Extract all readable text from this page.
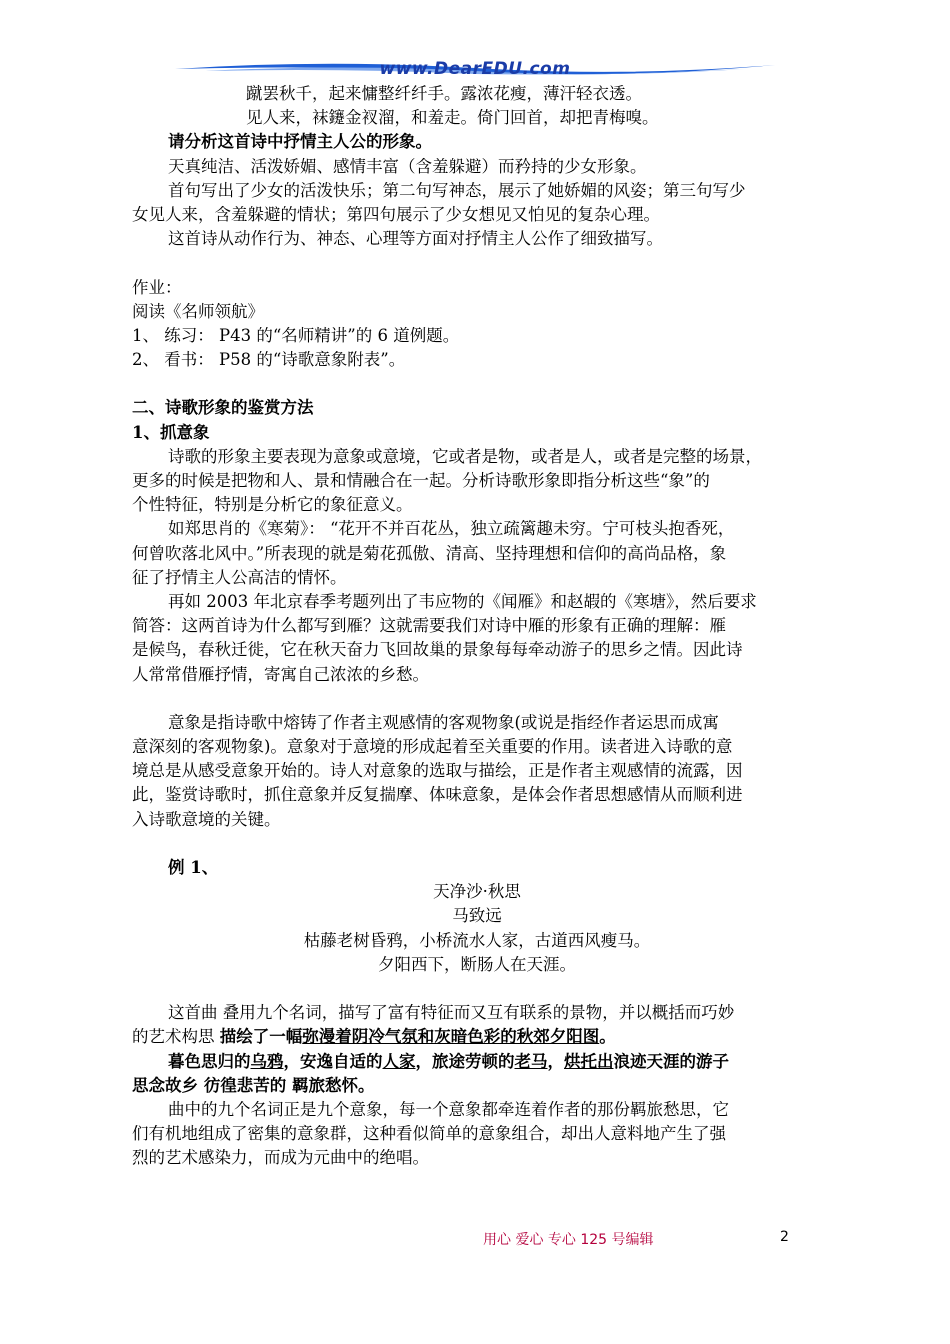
www.DearEDU.com
蹴罢秋千，起来慵整纤纤手。露浓花瘦，薄汗轻衣透。
见人来，袜鑳金衩溜，和羞走。倚门回首，却把青梅嗅。
请分析这首诗中抒情主人公的形象。
天真纯洁、活泼娇媚、感情丰富（含羞躲避）而矜持的少女形象。
首句写出了少女的活泼快乐；第二句写神态，展示了她娇媚的风姿；第三句写少
女见人来，含羞躲避的情状；第四句展示了少女想见又怕见的复杂心理。
这首诗从动作行为、神态、心理等方面对抒情主人公作了细致描写。
作业：
阅读《名师领航》
1、 练习： P43 的“名师精讲”的 6 道例题。
2、 看书： P58 的“诗歌意象附表”。
二、诗歌形象的鉴赏方法
1、抓意象
诗歌的形象主要表现为意象或意境，它或者是物，或者是人，或者是完整的场景，
更多的时候是把物和人、景和情融合在一起。分析诗歌形象即指分析这些“象”的
个性特征，特别是分析它的象征意义。
如郑思肖的《寒菊》： “花开不并百花丛，独立疏篱趣未穷。宁可枝头抱香死，
何曾吹落北风中。”所表现的就是菊花孤傲、清高、坚持理想和信仰的高尚品格，象
征了抒情主人公高洁的情怀。
再如 2003 年北京春季考题列出了韦应物的《闻雁》和赵嘏的《寒塘》，然后要求
简答：这两首诗为什么都写到雁？这就需要我们对诗中雁的形象有正确的理解：雁
是候鸟，春秋迁徙，它在秋天奋力飞回故巢的景象每每牵动游子的思乡之情。因此诗
人常常借雁抒情，寄寓自己浓浓的乡愁。
意象是指诗歌中熔铸了作者主观感情的客观物象(或说是指经作者运思而成寓
意深刻的客观物象)。意象对于意境的形成起着至关重要的作用。读者进入诗歌的意
境总是从感受意象开始的。诗人对意象的选取与描绘，正是作者主观感情的流露，因
此，鉴赏诗歌时，抓住意象并反复揣摩、体味意象，是体会作者思想感情从而顺利进
入诗歌意境的关键。
例 1、
天净沙·秋思
马致远
枯藤老树昏鸦，小桥流水人家，古道西风瘦马。
夕阳西下，断肠人在天涯。
这首曲 叠用九个名词，描写了富有特征而又互有联系的景物，并以概括而巧妙
的艺术构思 描绘了一幅弥漫着阴冷气氛和灰暗色彩的秋郊夕阳图。
暮色思归的乌鸦，安逸自适的人家，旅途劳顿的老马，烘托出浪迹天涯的游子
思念故乡 彷徨悲苦的 羁旅愁怀。
曲中的九个名词正是九个意象，每一个意象都牵连着作者的那份羁旅愁思，它
们有机地组成了密集的意象群，这种看似简单的意象组合，却出人意料地产生了强
烈的艺术感染力，而成为元曲中的绝唱。
用心 爱心 专心 125 号编辑	2
